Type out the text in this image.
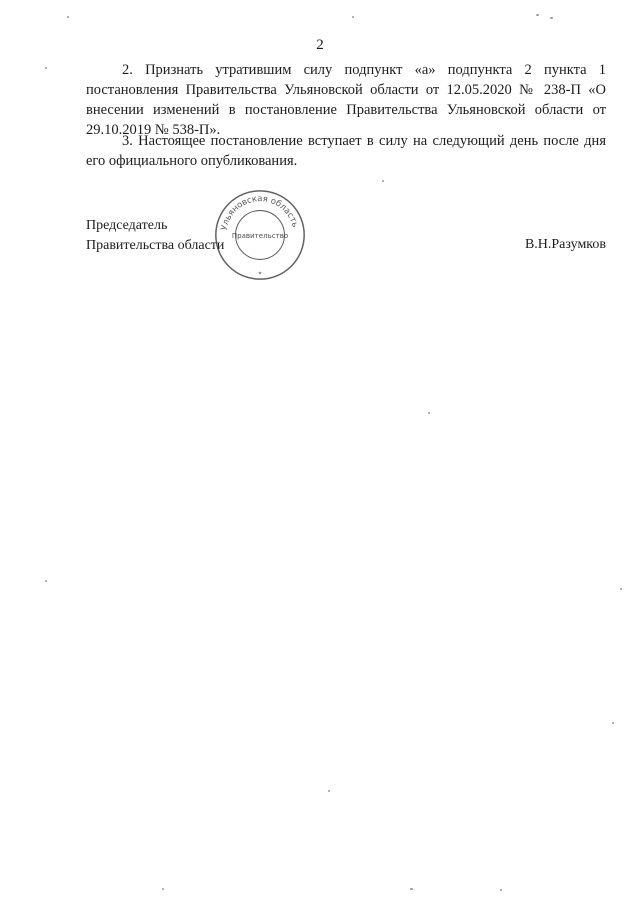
2

2. Признать утратившим силу подпункт «а» подпункта 2 пункта 1 постановления Правительства Ульяновской области от 12.05.2020 № 238-П «О внесении изменений в постановление Правительства Ульяновской области от 29.10.2019 № 538-П».

3. Настоящее постановление вступает в силу на следующий день после дня его официального опубликования.

Председатель
Правительства области
Ульяновская область
Правительство
★
В.Н.Разумков
